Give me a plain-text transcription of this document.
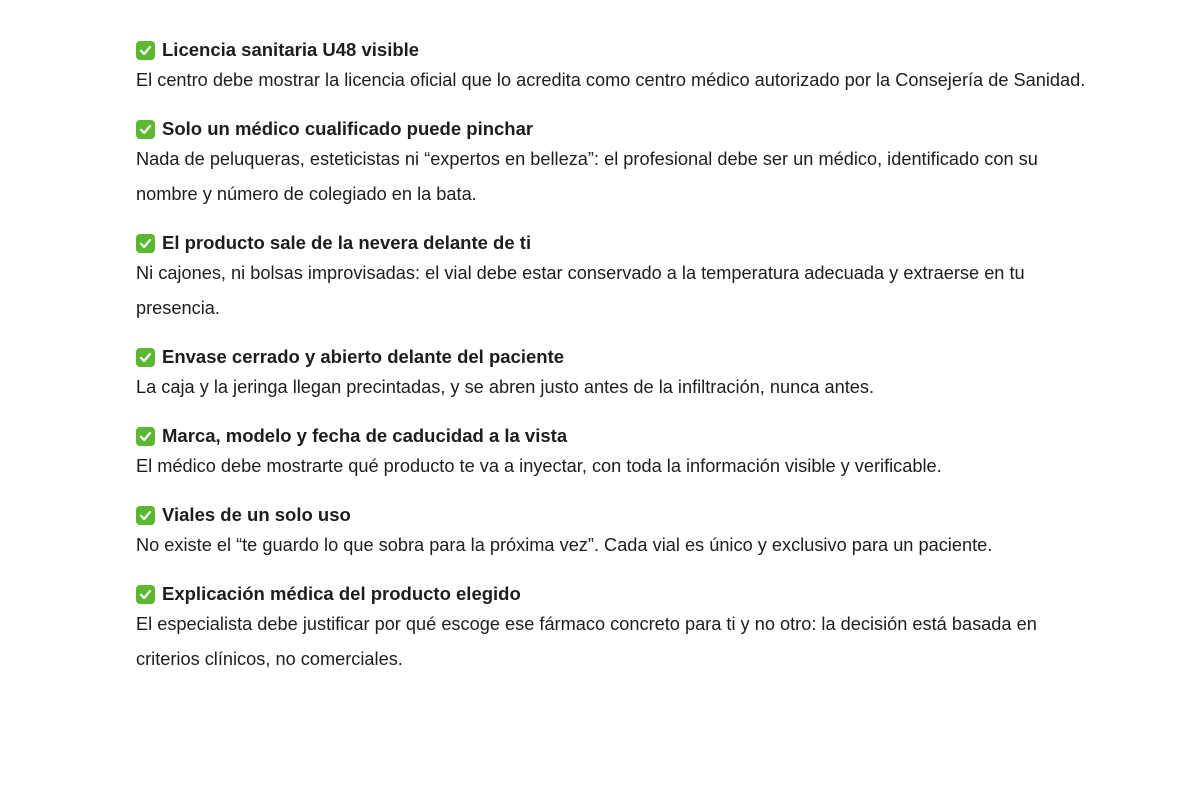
Licencia sanitaria U48 visible

El centro debe mostrar la licencia oficial que lo acredita como centro médico autorizado por la Consejería de Sanidad.

Solo un médico cualificado puede pinchar

Nada de peluqueras, esteticistas ni “expertos en belleza”: el profesional debe ser un médico, identificado con su nombre y número de colegiado en la bata.

El producto sale de la nevera delante de ti

Ni cajones, ni bolsas improvisadas: el vial debe estar conservado a la temperatura adecuada y extraerse en tu presencia.

Envase cerrado y abierto delante del paciente

La caja y la jeringa llegan precintadas, y se abren justo antes de la infiltración, nunca antes.

Marca, modelo y fecha de caducidad a la vista

El médico debe mostrarte qué producto te va a inyectar, con toda la información visible y verificable.

Viales de un solo uso

No existe el “te guardo lo que sobra para la próxima vez”. Cada vial es único y exclusivo para un paciente.

Explicación médica del producto elegido

El especialista debe justificar por qué escoge ese fármaco concreto para ti y no otro: la decisión está basada en criterios clínicos, no comerciales.
